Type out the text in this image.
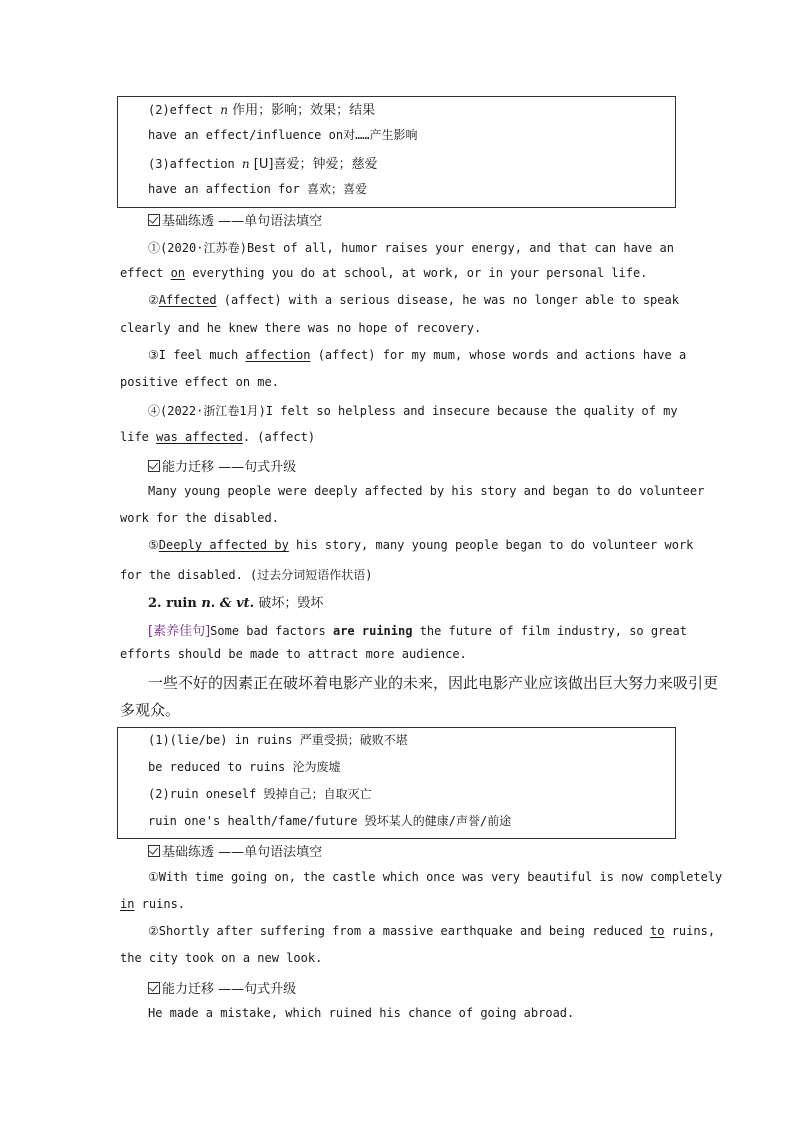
(2)effect n 作用；影响；效果；结果
have an effect/influence on对……产生影响
(3)affection n [U]喜爱；钟爱；慈爱
have an affection for 喜欢；喜爱
基础练透 ——单句语法填空
①(2020·江苏卷)Best of all, humor raises your energy, and that can have an
effect on everything you do at school, at work, or in your personal life.
②Affected (affect) with a serious disease, he was no longer able to speak
clearly and he knew there was no hope of recovery.
③I feel much affection (affect) for my mum, whose words and actions have a
positive effect on me.
④(2022·浙江卷1月)I felt so helpless and insecure because the quality of my
life was affected. (affect)
能力迁移 ——句式升级
Many young people were deeply affected by his story and began to do volunteer
work for the disabled.
⑤Deeply affected by his story, many young people began to do volunteer work
for the disabled. (过去分词短语作状语)
2. ruin n. & vt. 破坏；毁坏
[素养佳句]Some bad factors are ruining the future of film industry, so great
efforts should be made to attract more audience.
一些不好的因素正在破坏着电影产业的未来，因此电影产业应该做出巨大努力来吸引更
多观众。
(1)(lie/be) in ruins 严重受损；破败不堪
be reduced to ruins 沦为废墟
(2)ruin oneself 毁掉自己；自取灭亡
ruin one's health/fame/future 毁坏某人的健康/声誉/前途
基础练透 ——单句语法填空
①With time going on, the castle which once was very beautiful is now completely
in ruins.
②Shortly after suffering from a massive earthquake and being reduced to ruins,
the city took on a new look.
能力迁移 ——句式升级
He made a mistake, which ruined his chance of going abroad.
